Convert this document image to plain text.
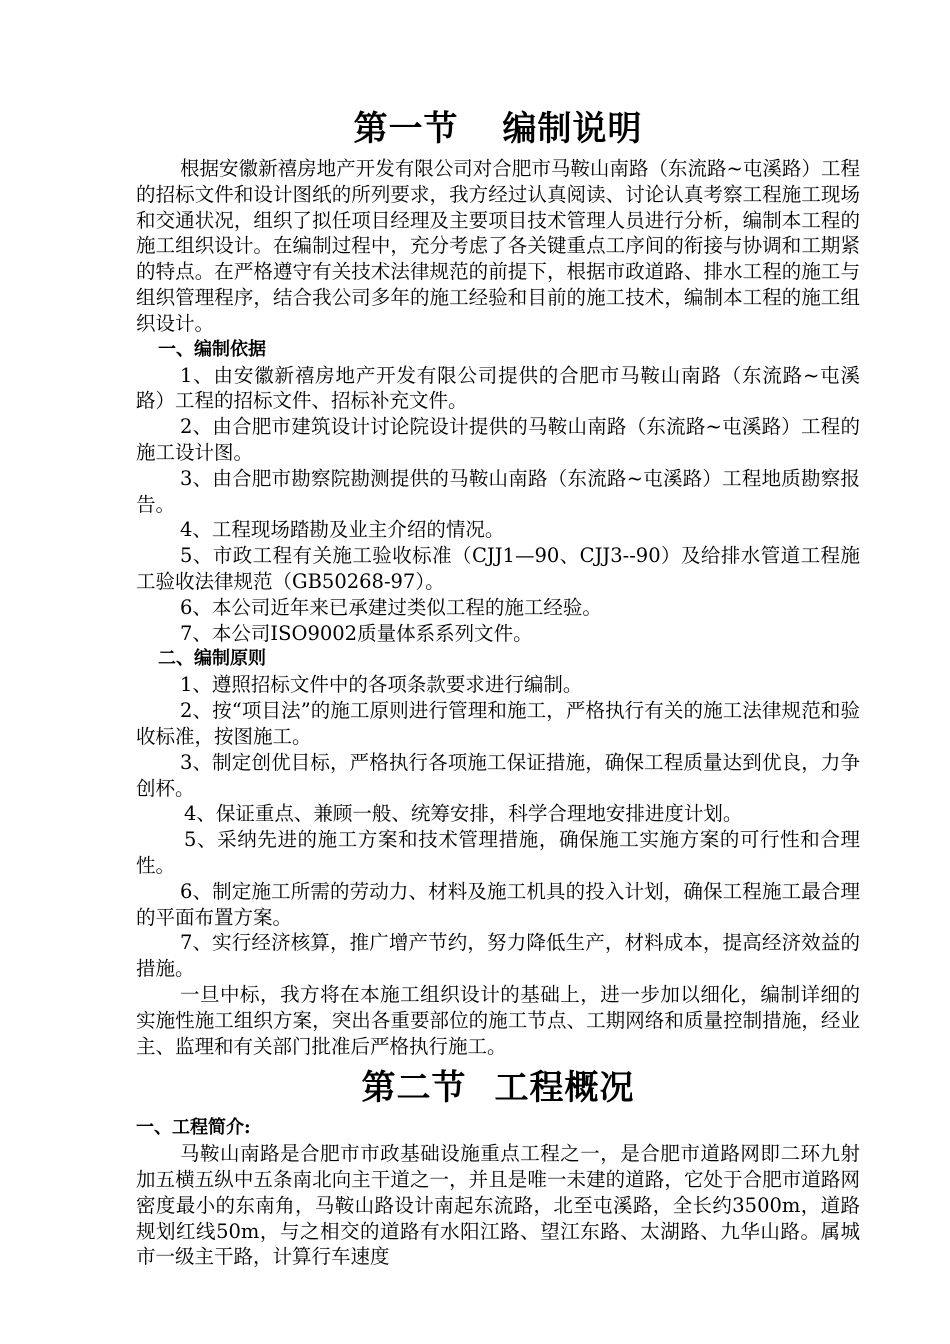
第一节 编制说明

根据安徽新禧房地产开发有限公司对合肥市马鞍山南路（东流路~屯溪路）工程的招标文件和设计图纸的所列要求，我方经过认真阅读、讨论认真考察工程施工现场和交通状况，组织了拟任项目经理及主要项目技术管理人员进行分析，编制本工程的施工组织设计。在编制过程中，充分考虑了各关键重点工序间的衔接与协调和工期紧的特点。在严格遵守有关技术法律规范的前提下，根据市政道路、排水工程的施工与组织管理程序，结合我公司多年的施工经验和目前的施工技术，编制本工程的施工组织设计。

一、编制依据

1、由安徽新禧房地产开发有限公司提供的合肥市马鞍山南路（东流路~屯溪路）工程的招标文件、招标补充文件。

2、由合肥市建筑设计讨论院设计提供的马鞍山南路（东流路~屯溪路）工程的施工设计图。

3、由合肥市勘察院勘测提供的马鞍山南路（东流路~屯溪路）工程地质勘察报告。

4、工程现场踏勘及业主介绍的情况。

5、市政工程有关施工验收标准（CJJ1—90、CJJ3--90）及给排水管道工程施工验收法律规范（GB50268-97）。

6、本公司近年来已承建过类似工程的施工经验。

7、本公司ISO9002质量体系系列文件。

二、编制原则

1、遵照招标文件中的各项条款要求进行编制。

2、按“项目法”的施工原则进行管理和施工，严格执行有关的施工法律规范和验收标准，按图施工。

3、制定创优目标，严格执行各项施工保证措施，确保工程质量达到优良，力争创杯。

4、保证重点、兼顾一般、统筹安排，科学合理地安排进度计划。

5、采纳先进的施工方案和技术管理措施，确保施工实施方案的可行性和合理性。

6、制定施工所需的劳动力、材料及施工机具的投入计划，确保工程施工最合理的平面布置方案。

7、实行经济核算，推广增产节约，努力降低生产，材料成本，提高经济效益的措施。

一旦中标，我方将在本施工组织设计的基础上，进一步加以细化，编制详细的实施性施工组织方案，突出各重要部位的施工节点、工期网络和质量控制措施，经业主、监理和有关部门批准后严格执行施工。

第二节 工程概况
一、工程简介:

马鞍山南路是合肥市市政基础设施重点工程之一，是合肥市道路网即二环九射加五横五纵中五条南北向主干道之一，并且是唯一未建的道路，它处于合肥市道路网密度最小的东南角，马鞍山路设计南起东流路，北至屯溪路，全长约3500m，道路规划红线50m，与之相交的道路有水阳江路、望江东路、太湖路、九华山路。属城市一级主干路，计算行车速度
